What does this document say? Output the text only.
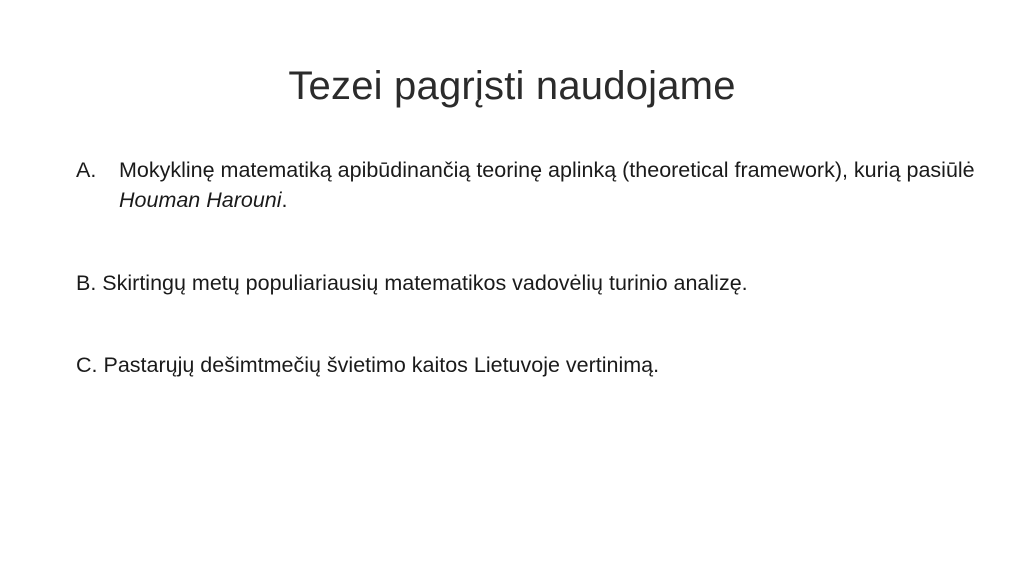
Tezei pagrįsti naudojame
A.	Mokyklinę matematiką apibūdinančią teorinę aplinką (theoretical framework), kurią pasiūlė Houman Harouni.
B. Skirtingų metų populiariausių matematikos vadovėlių turinio analizę.
C. Pastarųjų dešimtmečių švietimo kaitos Lietuvoje vertinimą.
